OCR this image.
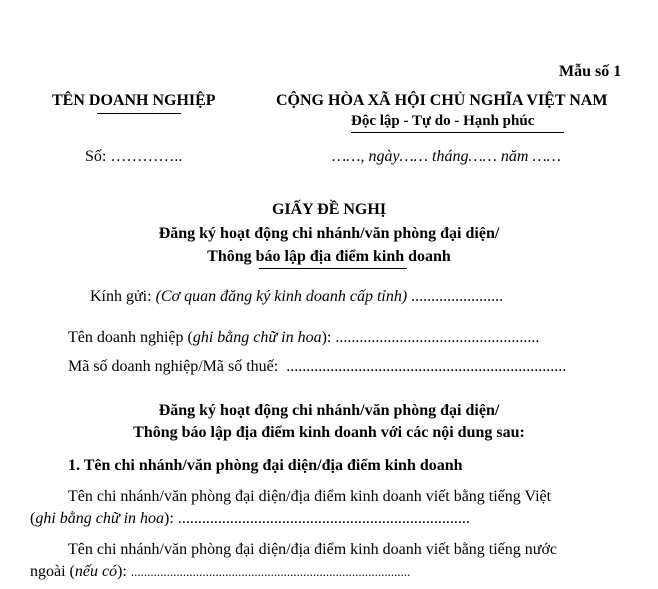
Mẫu số 1
TÊN DOANH NGHIỆP
Số: …………..
CỘNG HÒA XÃ HỘI CHỦ NGHĨA VIỆT NAM
Độc lập - Tự do - Hạnh phúc
……, ngày…… tháng…… năm ……
GIẤY ĐỀ NGHỊ
Đăng ký hoạt động chi nhánh/văn phòng đại diện/
Thông báo lập địa điểm kinh doanh
Kính gửi: (Cơ quan đăng ký kinh doanh cấp tỉnh) .......................
Tên doanh nghiệp (ghi bằng chữ in hoa): ...................................................
Mã số doanh nghiệp/Mã số thuế: ......................................................................
Đăng ký hoạt động chi nhánh/văn phòng đại diện/
Thông báo lập địa điểm kinh doanh với các nội dung sau:
1. Tên chi nhánh/văn phòng đại diện/địa điểm kinh doanh
Tên chi nhánh/văn phòng đại diện/địa điểm kinh doanh viết bằng tiếng Việt
(ghi bằng chữ in hoa): .........................................................................
Tên chi nhánh/văn phòng đại diện/địa điểm kinh doanh viết bằng tiếng nước
ngoài (nếu có): ......................................................................................
